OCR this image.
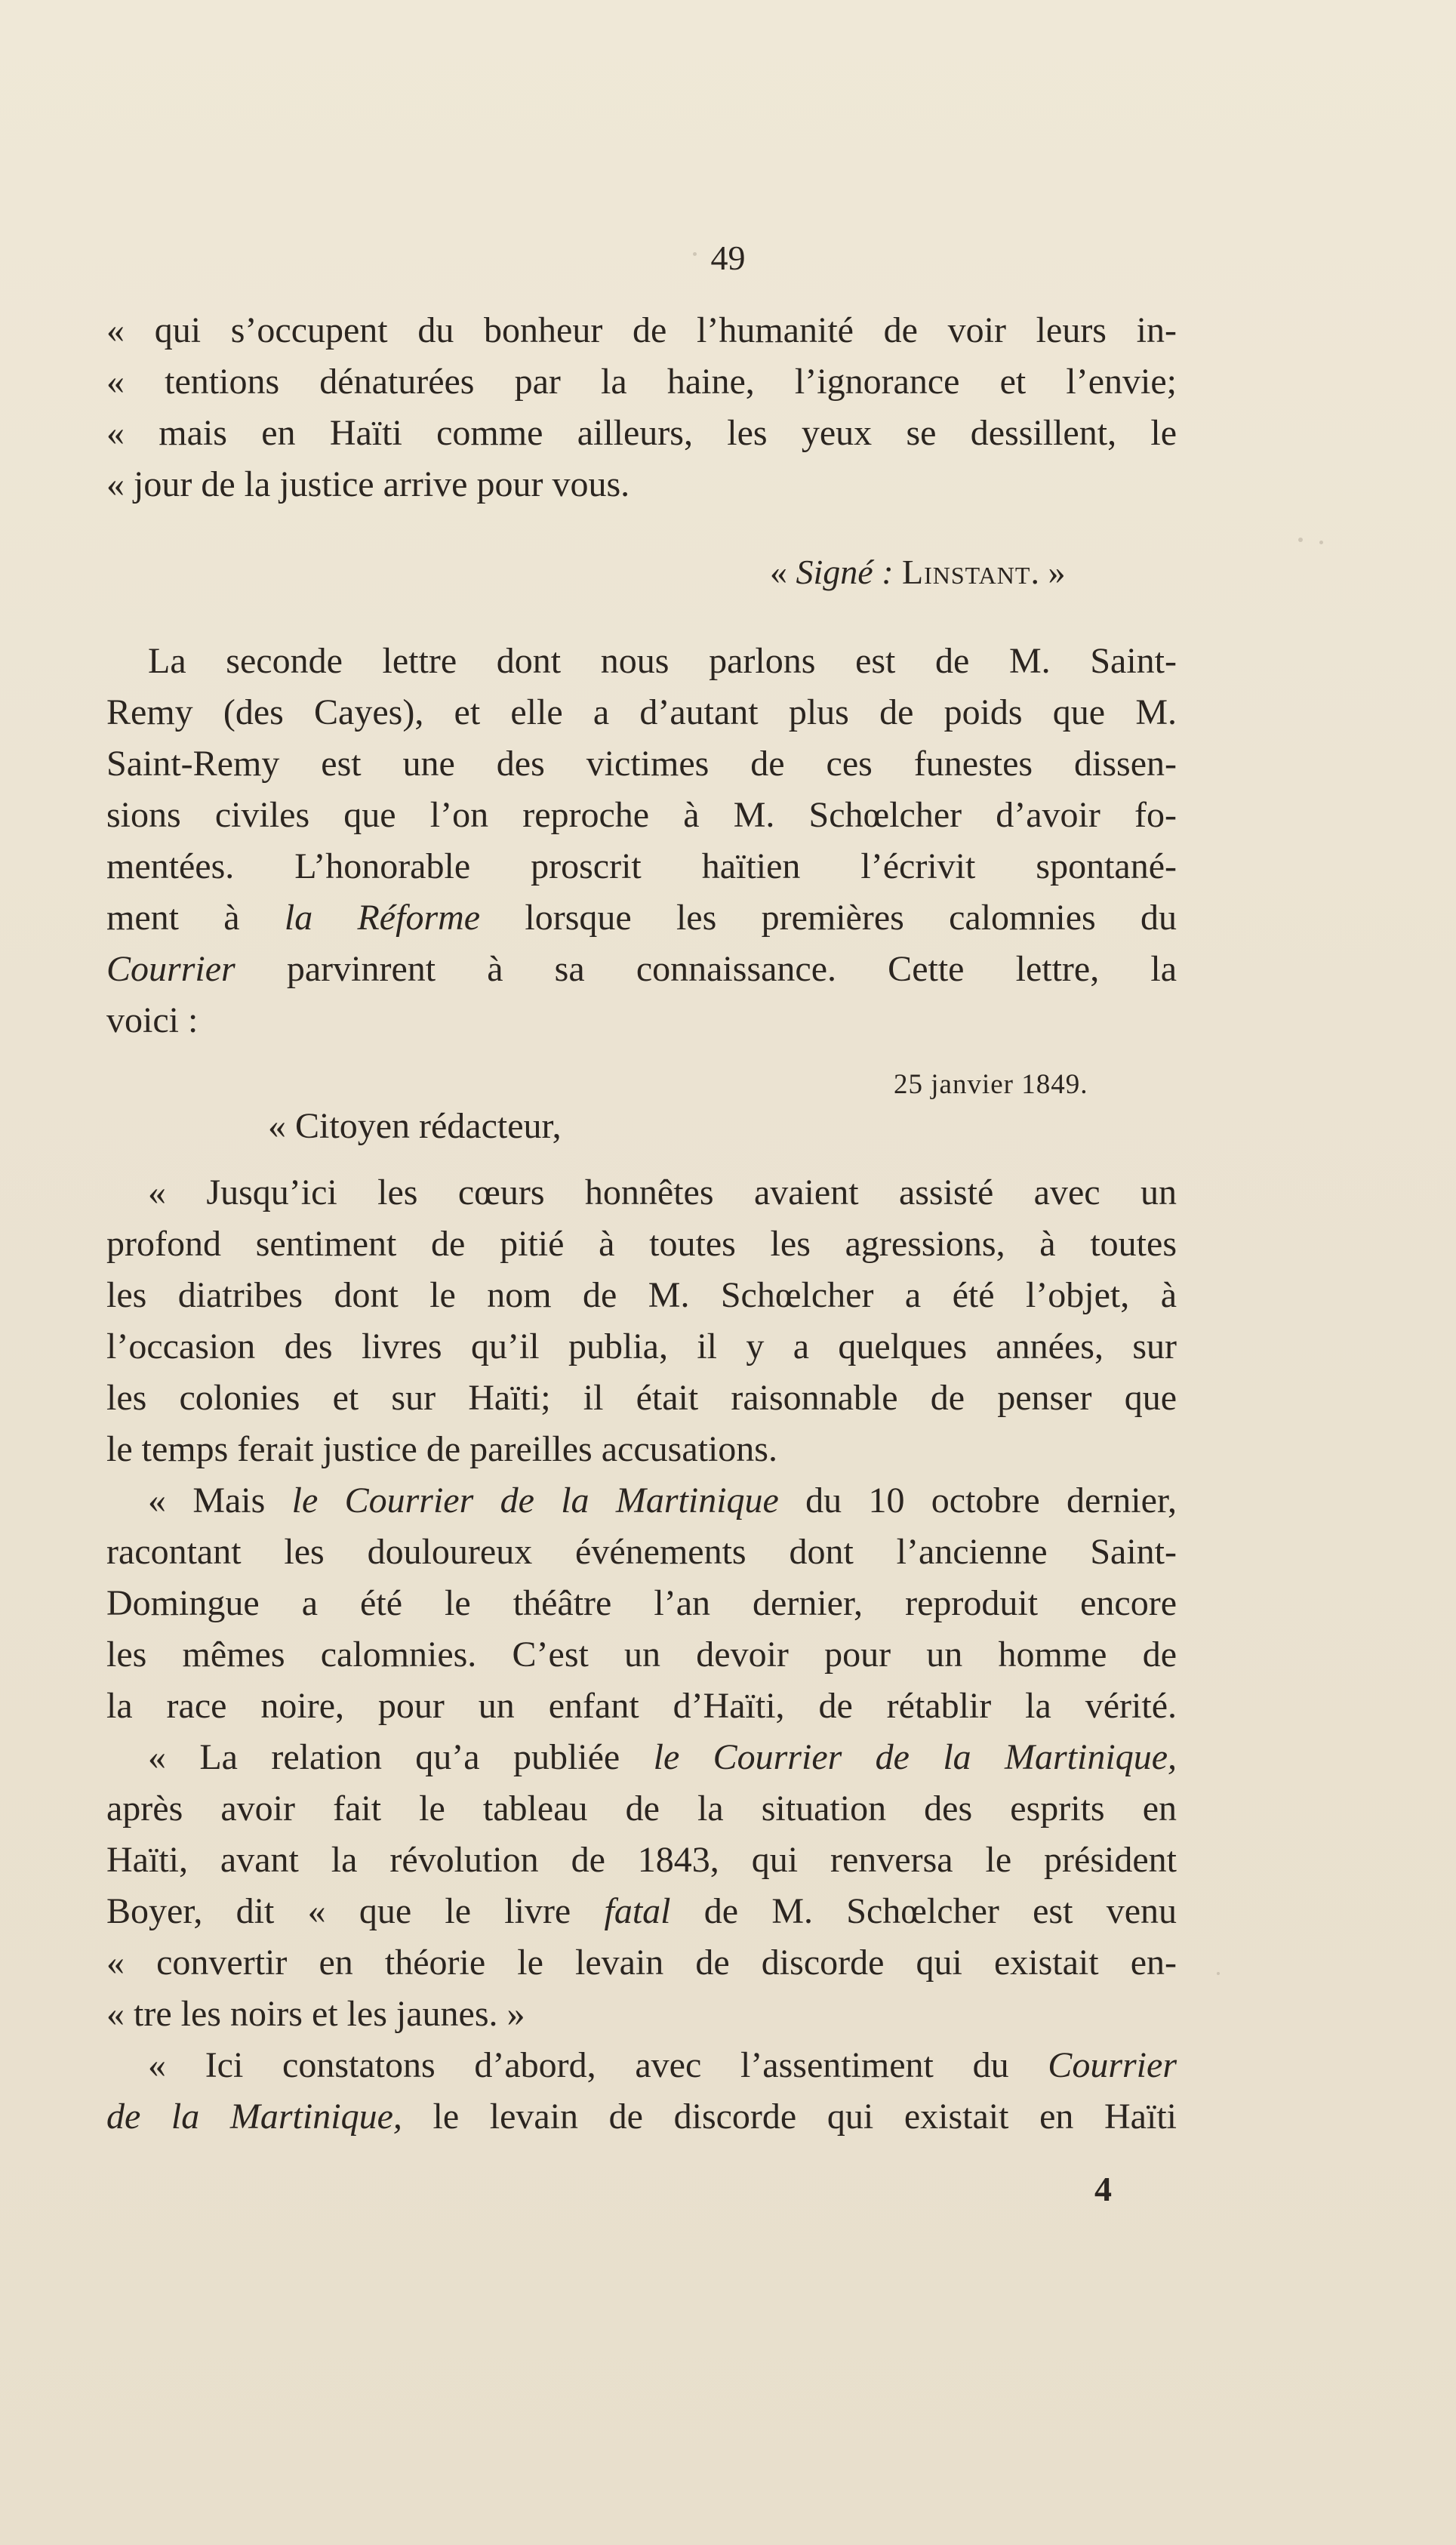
49
« qui s’occupent du bonheur de l’humanité de voir leurs in-
« tentions dénaturées par la haine, l’ignorance et l’envie;
« mais en Haïti comme ailleurs, les yeux se dessillent, le
« jour de la justice arrive pour vous.
« Signé : Linstant. »
La seconde lettre dont nous parlons est de M. Saint-
Remy (des Cayes), et elle a d’autant plus de poids que M.
Saint-Remy est une des victimes de ces funestes dissen-
sions civiles que l’on reproche à M. Schœlcher d’avoir fo-
mentées. L’honorable proscrit haïtien l’écrivit spontané-
ment à la Réforme lorsque les premières calomnies du
Courrier parvinrent à sa connaissance. Cette lettre, la
voici :
25 janvier 1849.
« Citoyen rédacteur,
« Jusqu’ici les cœurs honnêtes avaient assisté avec un
profond sentiment de pitié à toutes les agressions, à toutes
les diatribes dont le nom de M. Schœlcher a été l’objet, à
l’occasion des livres qu’il publia, il y a quelques années, sur
les colonies et sur Haïti; il était raisonnable de penser que
le temps ferait justice de pareilles accusations.
« Mais le Courrier de la Martinique du 10 octobre dernier,
racontant les douloureux événements dont l’ancienne Saint-
Domingue a été le théâtre l’an dernier, reproduit encore
les mêmes calomnies. C’est un devoir pour un homme de
la race noire, pour un enfant d’Haïti, de rétablir la vérité.
« La relation qu’a publiée le Courrier de la Martinique,
après avoir fait le tableau de la situation des esprits en
Haïti, avant la révolution de 1843, qui renversa le président
Boyer, dit « que le livre fatal de M. Schœlcher est venu
« convertir en théorie le levain de discorde qui existait en-
« tre les noirs et les jaunes. »
« Ici constatons d’abord, avec l’assentiment du Courrier
de la Martinique, le levain de discorde qui existait en Haïti
4
